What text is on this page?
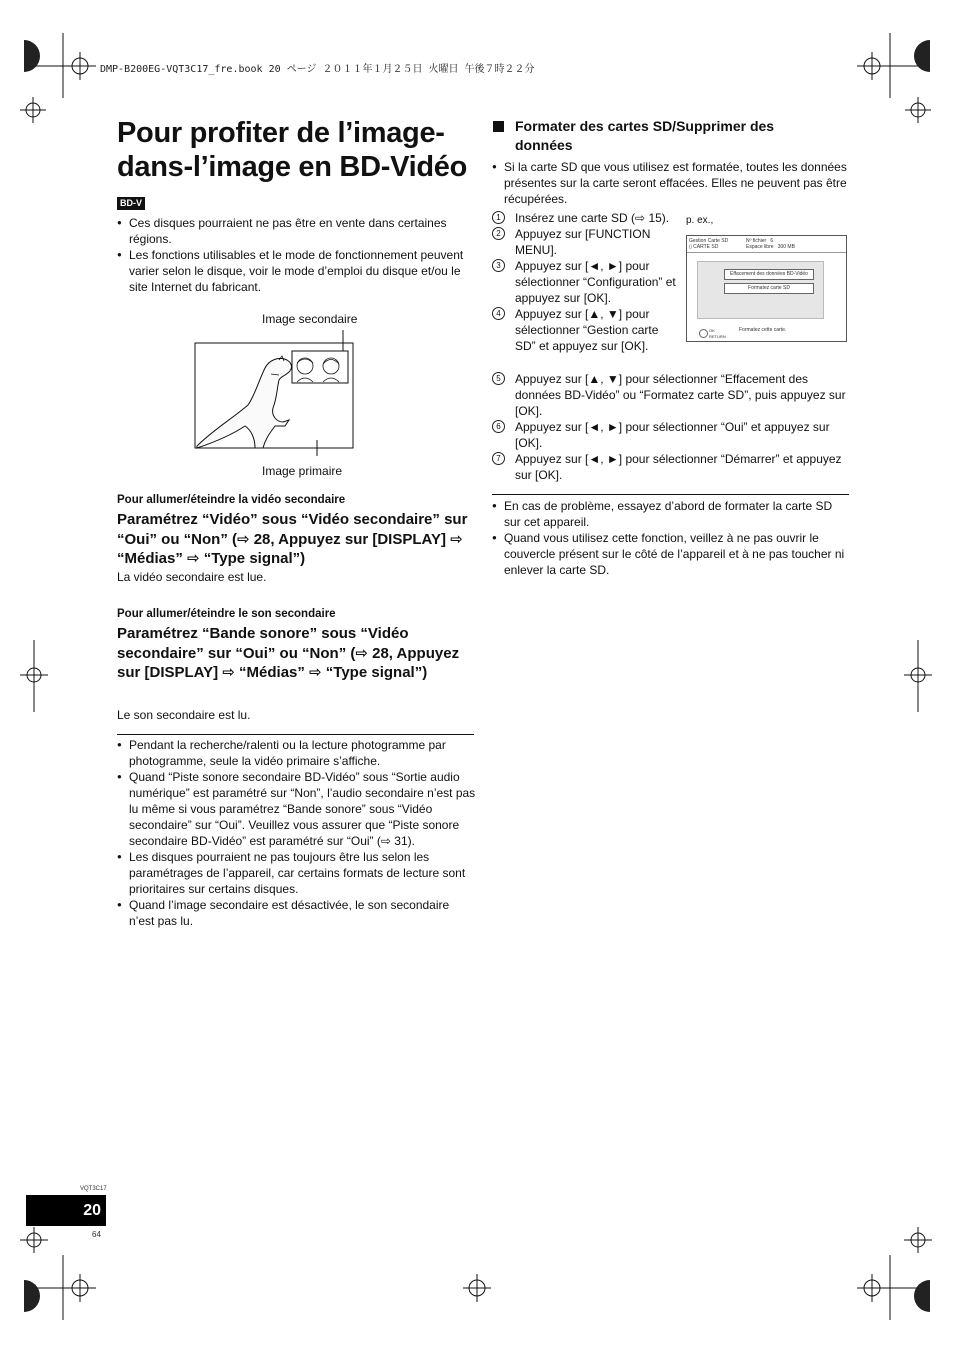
DMP-B200EG-VQT3C17_fre.book 20 ページ ２０１１年１月２５日 火曜日 午後７時２２分
Pour profiter de l’image-dans-l’image en BD-Vidéo
BD-V
● Ces disques pourraient ne pas être en vente dans certaines régions.
● Les fonctions utilisables et le mode de fonctionnement peuvent varier selon le disque, voir le mode d’emploi du disque et/ou le site Internet du fabricant.
Image secondaire
Image primaire
Pour allumer/éteindre la vidéo secondaire
Paramétrez “Vidéo” sous “Vidéo secondaire” sur “Oui” ou “Non” (⇨ 28, Appuyez sur [DISPLAY] ⇨ “Médias” ⇨ “Type signal”)
La vidéo secondaire est lue.
Pour allumer/éteindre le son secondaire
Paramétrez “Bande sonore” sous “Vidéo secondaire” sur “Oui” ou “Non” (⇨ 28, Appuyez sur [DISPLAY] ⇨ “Médias” ⇨ “Type signal”)
Le son secondaire est lu.
● Pendant la recherche/ralenti ou la lecture photogramme par photogramme, seule la vidéo primaire s’affiche.
● Quand “Piste sonore secondaire BD-Vidéo” sous “Sortie audio numérique” est paramétré sur “Non”, l’audio secondaire n’est pas lu même si vous paramétrez “Bande sonore” sous “Vidéo secondaire” sur “Oui”. Veuillez vous assurer que “Piste sonore secondaire BD-Vidéo” est paramétré sur “Oui” (⇨ 31).
● Les disques pourraient ne pas toujours être lus selon les paramétrages de l’appareil, car certains formats de lecture sont prioritaires sur certains disques.
● Quand l’image secondaire est désactivée, le son secondaire n’est pas lu.
Formater des cartes SD/Supprimer des données
● Si la carte SD que vous utilisez est formatée, toutes les données présentes sur la carte seront effacées. Elles ne peuvent pas être récupérées.
p. ex.,
1	Insérez une carte SD (⇨ 15).
2	Appuyez sur [FUNCTION MENU].
3	Appuyez sur [◄, ►] pour sélectionner “Configuration” et appuyez sur [OK].
4	Appuyez sur [▲, ▼] pour sélectionner “Gestion carte SD” et appuyez sur [OK].
Gestion Carte SD
▯ CARTE SD
Nº fichier 6
Espace libre 300 MB
Effacement des données BD-Vidéo
Formatez carte SD
OK
RETURN
Formatez cette carte.
5	Appuyez sur [▲, ▼] pour sélectionner “Effacement des données BD-Vidéo” ou “Formatez carte SD”, puis appuyez sur [OK].
6	Appuyez sur [◄, ►] pour sélectionner “Oui” et appuyez sur [OK].
7	Appuyez sur [◄, ►] pour sélectionner “Démarrer” et appuyez sur [OK].
● En cas de problème, essayez d’abord de formater la carte SD sur cet appareil.
● Quand vous utilisez cette fonction, veillez à ne pas ouvrir le couvercle présent sur le côté de l’appareil et à ne pas toucher ni enlever la carte SD.
VQT3C17
20
64
